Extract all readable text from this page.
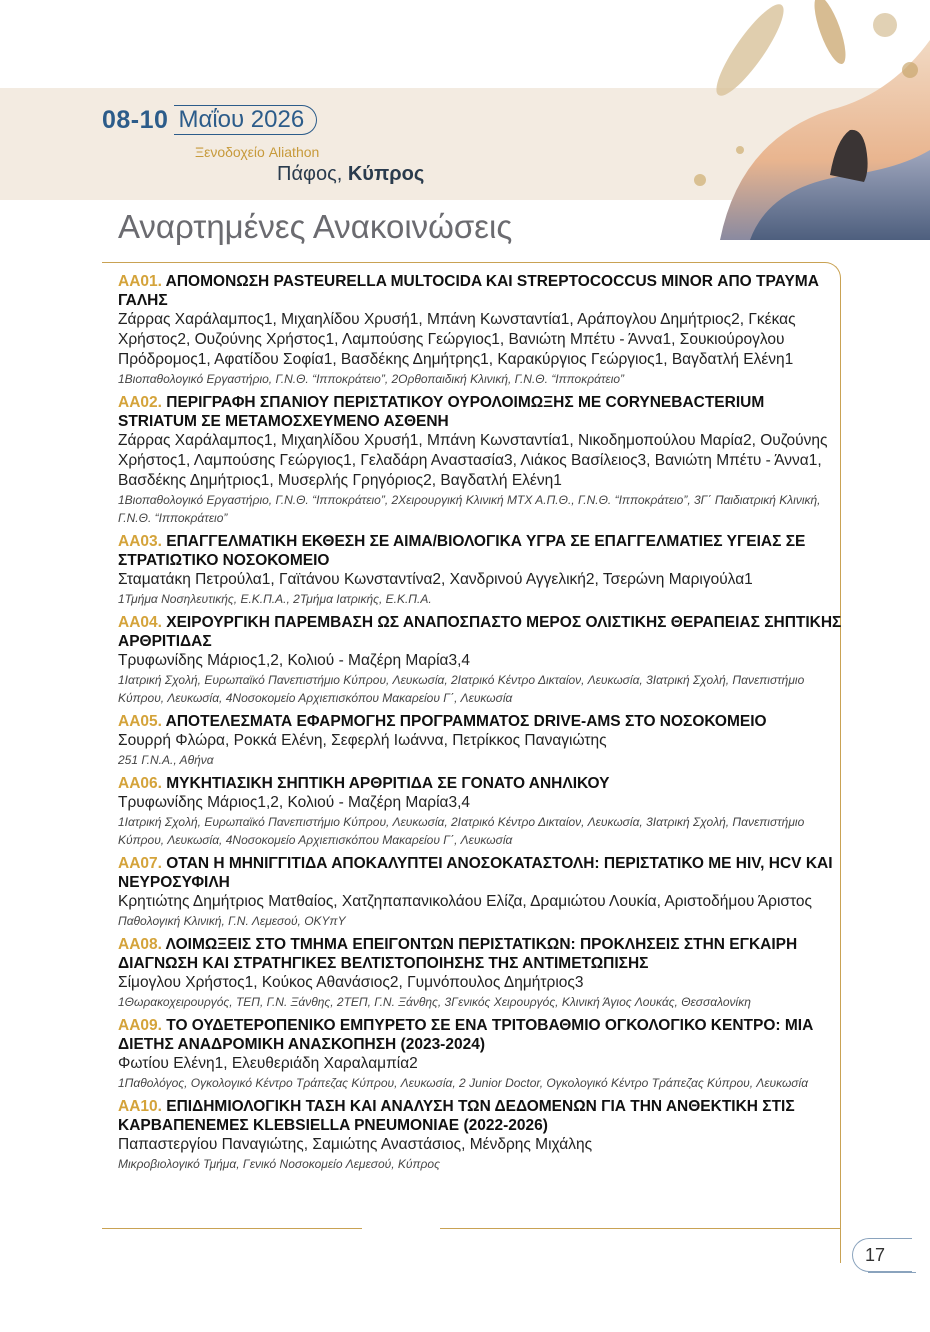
08-10 Μαΐου 2026
Ξενοδοχείο Aliathon
Πάφος, Κύπρος
Αναρτημένες Ανακοινώσεις
ΑΑ01. ΑΠΟΜΟΝΩΣΗ PASTEURELLA MULTOCIDA ΚΑΙ STREPTOCOCCUS MINOR ΑΠΟ ΤΡΑΥΜΑ ΓΑΛΗΣ
Ζάρρας Χαράλαμπος1, Μιχαηλίδου Χρυσή1, Μπάνη Κωνσταντία1, Αράπογλου Δημήτριος2, Γκέκας Χρήστος2, Ουζούνης Χρήστος1, Λαμπούσης Γεώργιος1, Βανιώτη Μπέτυ - Άννα1, Σουκιούρογλου Πρόδρομος1, Αφατίδου Σοφία1, Βασδέκης Δημήτρης1, Καρακύργιος Γεώργιος1, Βαγδατλή Ελένη1
1Βιοπαθολογικό Εργαστήριο, Γ.Ν.Θ. “Ιπποκράτειο”, 2Ορθοπαιδική Κλινική, Γ.Ν.Θ. “Ιπποκράτειο”
ΑΑ02. ΠΕΡΙΓΡΑΦΗ ΣΠΑΝΙΟΥ ΠΕΡΙΣΤΑΤΙΚΟΥ ΟΥΡΟΛΟΙΜΩΞΗΣ ΜΕ CORYNEBACTERIUM STRIATUM ΣΕ ΜΕΤΑΜΟΣΧΕΥΜΕΝΟ ΑΣΘΕΝΗ
Ζάρρας Χαράλαμπος1, Μιχαηλίδου Χρυσή1, Μπάνη Κωνσταντία1, Νικοδημοπούλου Μαρία2, Ουζούνης Χρήστος1, Λαμπούσης Γεώργιος1, Γελαδάρη Αναστασία3, Λιάκος Βασίλειος3, Βανιώτη Μπέτυ - Άννα1, Βασδέκης Δημήτριος1, Μυσερλής Γρηγόριος2, Βαγδατλή Ελένη1
1Βιοπαθολογικό Εργαστήριο, Γ.Ν.Θ. “Ιπποκράτειο”, 2Χειρουργική Κλινική ΜΤΧ Α.Π.Θ., Γ.Ν.Θ. “Ιπποκράτειο”, 3Γ΄ Παιδιατρική Κλινική, Γ.Ν.Θ. “Ιπποκράτειο”
ΑΑ03. ΕΠΑΓΓΕΛΜΑΤΙΚΗ ΕΚΘΕΣΗ ΣΕ ΑΙΜΑ/ΒΙΟΛΟΓΙΚΑ ΥΓΡΑ ΣΕ ΕΠΑΓΓΕΛΜΑΤΙΕΣ ΥΓΕΙΑΣ ΣΕ ΣΤΡΑΤΙΩΤΙΚΟ ΝΟΣΟΚΟΜΕΙΟ
Σταματάκη Πετρούλα1, Γαϊτάνου Κωνσταντίνα2, Χανδρινού Αγγελική2, Τσερώνη Μαριγούλα1
1Τμήμα Νοσηλευτικής, Ε.Κ.Π.Α., 2Τμήμα Ιατρικής, Ε.Κ.Π.Α.
ΑΑ04. ΧΕΙΡΟΥΡΓΙΚΗ ΠΑΡΕΜΒΑΣΗ ΩΣ ΑΝΑΠΟΣΠΑΣΤΟ ΜΕΡΟΣ ΟΛΙΣΤΙΚΗΣ ΘΕΡΑΠΕΙΑΣ ΣΗΠΤΙΚΗΣ ΑΡΘΡΙΤΙΔΑΣ
Τρυφωνίδης Μάριος1,2, Κολιού - Μαζέρη Μαρία3,4
1Ιατρική Σχολή, Ευρωπαϊκό Πανεπιστήμιο Κύπρου, Λευκωσία, 2Ιατρικό Κέντρο Δικταίον, Λευκωσία, 3Ιατρική Σχολή, Πανεπιστήμιο Κύπρου, Λευκωσία, 4Νοσοκομείο Αρχιεπισκόπου Μακαρείου Γ΄, Λευκωσία
ΑΑ05. ΑΠΟΤΕΛΕΣΜΑΤΑ ΕΦΑΡΜΟΓΗΣ ΠΡΟΓΡΑΜΜΑΤΟΣ DRIVE-AMS ΣΤΟ ΝΟΣΟΚΟΜΕΙΟ
Σουρρή Φλώρα, Ροκκά Ελένη, Σεφερλή Ιωάννα, Πετρίκκος Παναγιώτης
251 Γ.Ν.Α., Αθήνα
ΑΑ06. ΜΥΚΗΤΙΑΣΙΚΗ ΣΗΠΤΙΚΗ ΑΡΘΡΙΤΙΔΑ ΣΕ ΓΟΝΑΤΟ ΑΝΗΛΙΚΟΥ
Τρυφωνίδης Μάριος1,2, Κολιού - Μαζέρη Μαρία3,4
1Ιατρική Σχολή, Ευρωπαϊκό Πανεπιστήμιο Κύπρου, Λευκωσία, 2Ιατρικό Κέντρο Δικταίον, Λευκωσία, 3Ιατρική Σχολή, Πανεπιστήμιο Κύπρου, Λευκωσία, 4Νοσοκομείο Αρχιεπισκόπου Μακαρείου Γ΄, Λευκωσία
ΑΑ07. ΟΤΑΝ Η ΜΗΝΙΓΓΙΤΙΔΑ ΑΠΟΚΑΛΥΠΤΕΙ ΑΝΟΣΟΚΑΤΑΣΤΟΛΗ: ΠΕΡΙΣΤΑΤΙΚΟ ΜΕ HIV, HCV ΚΑΙ ΝΕΥΡΟΣΥΦΙΛΗ
Κρητιώτης Δημήτριος Ματθαίος, Χατζηπαπανικολάου Ελίζα, Δραμιώτου Λουκία, Αριστοδήμου Άριστος
Παθολογική Κλινική, Γ.Ν. Λεμεσού, ΟΚΥπΥ
ΑΑ08. ΛΟΙΜΩΞΕΙΣ ΣΤΟ ΤΜΗΜΑ ΕΠΕΙΓΟΝΤΩΝ ΠΕΡΙΣΤΑΤΙΚΩΝ: ΠΡΟΚΛΗΣΕΙΣ ΣΤΗΝ ΕΓΚΑΙΡΗ ΔΙΑΓΝΩΣΗ ΚΑΙ ΣΤΡΑΤΗΓΙΚΕΣ ΒΕΛΤΙΣΤΟΠΟΙΗΣΗΣ ΤΗΣ ΑΝΤΙΜΕΤΩΠΙΣΗΣ
Σίμογλου Χρήστος1, Κούκος Αθανάσιος2, Γυμνόπουλος Δημήτριος3
1Θωρακοχειρουργός, ΤΕΠ, Γ.Ν. Ξάνθης, 2ΤΕΠ, Γ.Ν. Ξάνθης, 3Γενικός Χειρουργός, Κλινική Άγιος Λουκάς, Θεσσαλονίκη
ΑΑ09. ΤΟ ΟΥΔΕΤΕΡΟΠΕΝΙΚΟ ΕΜΠΥΡΕΤΟ ΣΕ ΕΝΑ ΤΡΙΤΟΒΑΘΜΙΟ ΟΓΚΟΛΟΓΙΚΟ ΚΕΝΤΡΟ: ΜΙΑ ΔΙΕΤΗΣ ΑΝΑΔΡΟΜΙΚΗ ΑΝΑΣΚΟΠΗΣΗ (2023-2024)
Φωτίου Ελένη1, Ελευθεριάδη Χαραλαμπία2
1Παθολόγος, Ογκολογικό Κέντρο Τράπεζας Κύπρου, Λευκωσία, 2 Junior Doctor, Ογκολογικό Κέντρο Τράπεζας Κύπρου, Λευκωσία
ΑΑ10. ΕΠΙΔΗΜΙΟΛΟΓΙΚΗ ΤΑΣΗ ΚΑΙ ΑΝΑΛΥΣΗ ΤΩΝ ΔΕΔΟΜΕΝΩΝ ΓΙΑ ΤΗΝ ΑΝΘΕΚΤΙΚΗ ΣΤΙΣ ΚΑΡΒΑΠΕΝΕΜΕΣ KLEBSIELLA PNEUMONIAE (2022-2026)
Παπαστεργίου Παναγιώτης, Σαμιώτης Αναστάσιος, Μένδρης Μιχάλης
Μικροβιολογικό Τμήμα, Γενικό Νοσοκομείο Λεμεσού, Κύπρος
17
